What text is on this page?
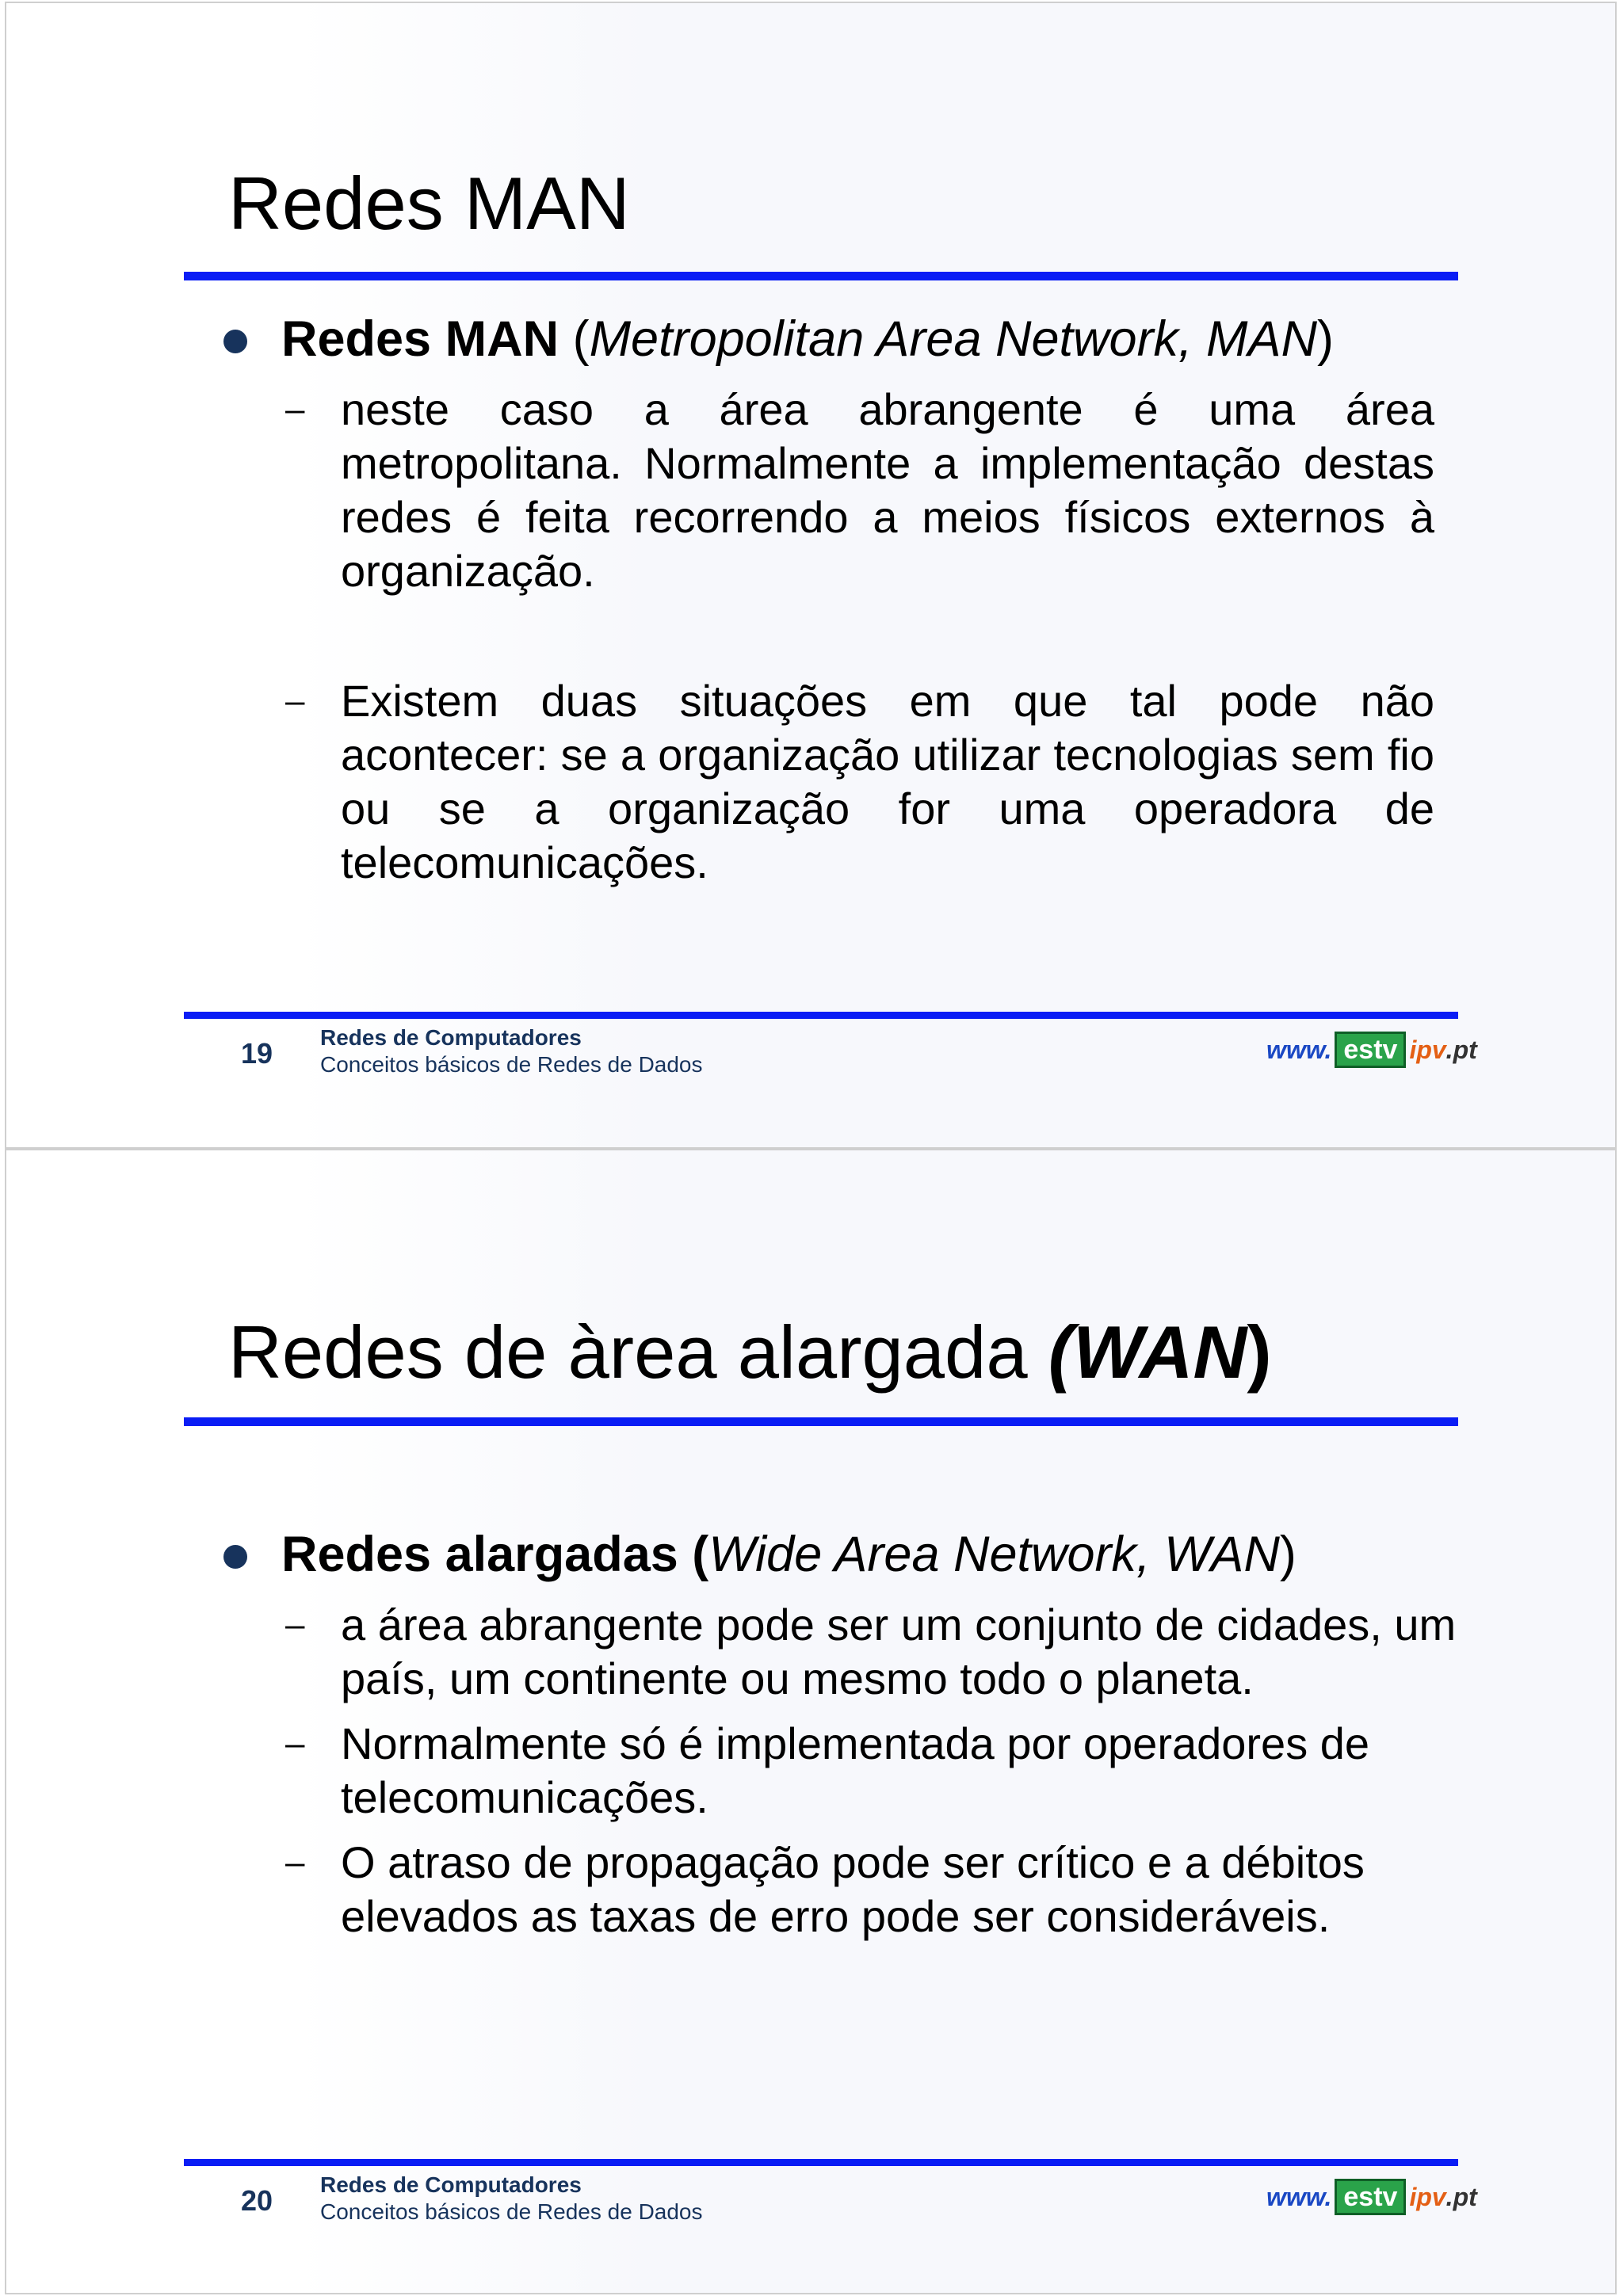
Redes MAN
Redes MAN (Metropolitan Area Network, MAN)
– neste caso a área abrangente é uma área metropolitana. Normalmente a implementação destas redes é feita recorrendo a meios físicos externos à organização.
– Existem duas situações em que tal pode não acontecer: se a organização utilizar tecnologias sem fio ou se a organização for uma operadora de telecomunicações.
19 Redes de Computadores
Conceitos básicos de Redes de Dados
www. estv ipv .pt
Redes de àrea alargada (WAN)
Redes alargadas (Wide Area Network, WAN)
– a área abrangente pode ser um conjunto de cidades, um país, um continente ou mesmo todo o planeta.
– Normalmente só é implementada por operadores de telecomunicações.
– O atraso de propagação pode ser crítico e a débitos elevados as taxas de erro pode ser consideráveis.
20 Redes de Computadores
Conceitos básicos de Redes de Dados
www. estv ipv .pt
